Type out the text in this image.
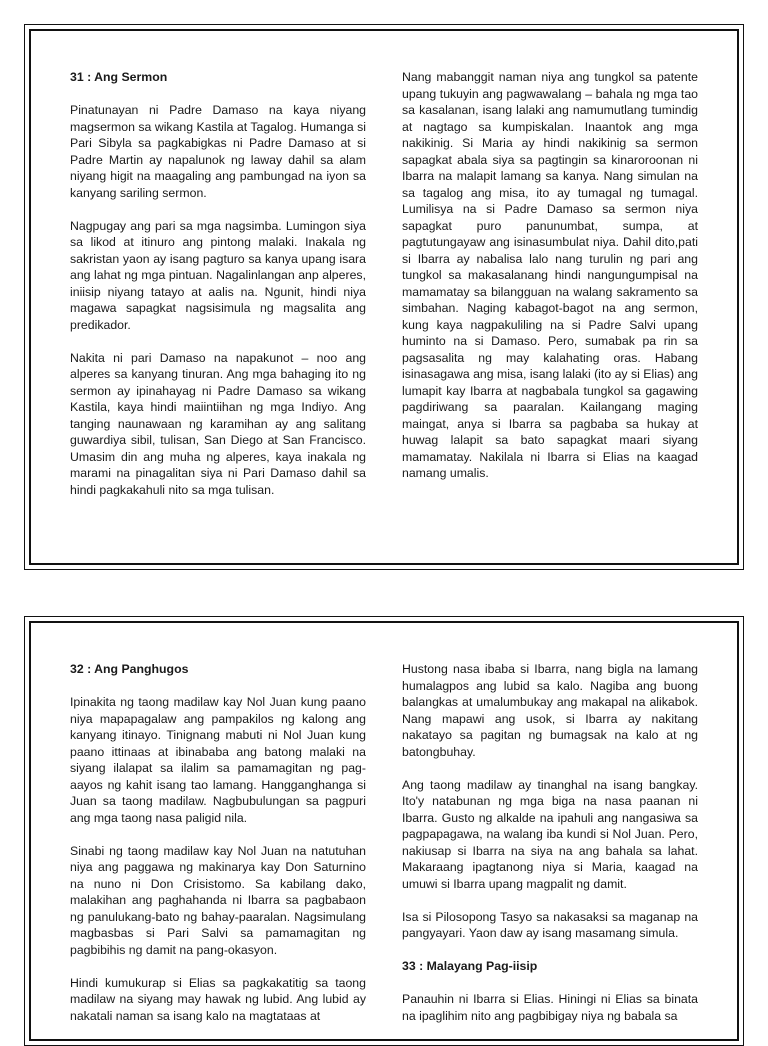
31 : Ang Sermon

Pinatunayan ni Padre Damaso na kaya niyang magsermon sa wikang Kastila at Tagalog. Humanga si Pari Sibyla sa pagkabigkas ni Padre Damaso at si Padre Martin ay napalunok ng laway dahil sa alam niyang higit na maagaling ang pambungad na iyon sa kanyang sariling sermon.

Nagpugay ang pari sa mga nagsimba. Lumingon siya sa likod at itinuro ang pintong malaki. Inakala ng sakristan yaon ay isang pagturo sa kanya upang isara ang lahat ng mga pintuan. Nagalinlangan anp alperes, iniisip niyang tatayo at aalis na. Ngunit, hindi niya magawa sapagkat nagsisimula ng magsalita ang predikador.

Nakita ni pari Damaso na napakunot – noo ang alperes sa kanyang tinuran. Ang mga bahaging ito ng sermon ay ipinahayag ni Padre Damaso sa wikang Kastila, kaya hindi maiintiihan ng mga Indiyo. Ang tanging naunawaan ng karamihan ay ang salitang guwardiya sibil, tulisan, San Diego at San Francisco. Umasim din ang muha ng alperes, kaya inakala ng marami na pinagalitan siya ni Pari Damaso dahil sa hindi pagkakahuli nito sa mga tulisan.

Nang mabanggit naman niya ang tungkol sa patente upang tukuyin ang pagwawalang – bahala ng mga tao sa kasalanan, isang lalaki ang namumutlang tumindig at nagtago sa kumpiskalan. Inaantok ang mga nakikinig. Si Maria ay hindi nakikinig sa sermon sapagkat abala siya sa pagtingin sa kinaroroonan ni Ibarra na malapit lamang sa kanya. Nang simulan na sa tagalog ang misa, ito ay tumagal ng tumagal. Lumilisya na si Padre Damaso sa sermon niya sapagkat puro panunumbat, sumpa, at pagtutungayaw ang isinasumbulat niya. Dahil dito,pati si Ibarra ay nabalisa lalo nang turulin ng pari ang tungkol sa makasalanang hindi nangungumpisal na mamamatay sa bilangguan na walang sakramento sa simbahan. Naging kabagot-bagot na ang sermon, kung kaya nagpakuliling na si Padre Salvi upang huminto na si Damaso. Pero, sumabak pa rin sa pagsasalita ng may kalahating oras. Habang isinasagawa ang misa, isang lalaki (ito ay si Elias) ang lumapit kay Ibarra at nagbabala tungkol sa gagawing pagdiriwang sa paaralan. Kailangang maging maingat, anya si Ibarra sa pagbaba sa hukay at huwag lalapit sa bato sapagkat maari siyang mamamatay. Nakilala ni Ibarra si Elias na kaagad namang umalis.

32 : Ang Panghugos

Ipinakita ng taong madilaw kay Nol Juan kung paano niya mapapagalaw ang pampakilos ng kalong ang kanyang itinayo. Tinignang mabuti ni Nol Juan kung paano ittinaas at ibinababa ang batong malaki na siyang ilalapat sa ilalim sa pamamagitan ng pag-aayos ng kahit isang tao lamang. Hangganghanga si Juan sa taong madilaw. Nagbubulungan sa pagpuri ang mga taong nasa paligid nila.

Sinabi ng taong madilaw kay Nol Juan na natutuhan niya ang paggawa ng makinarya kay Don Saturnino na nuno ni Don Crisistomo. Sa kabilang dako, malakihan ang paghahanda ni Ibarra sa pagbabaon ng panulukang-bato ng bahay-paaralan. Nagsimulang magbasbas si Pari Salvi sa pamamagitan ng pagbibihis ng damit na pang-okasyon.

Hindi kumukurap si Elias sa pagkakatitig sa taong madilaw na siyang may hawak ng lubid. Ang lubid ay nakatali naman sa isang kalo na magtataas at

Hustong nasa ibaba si Ibarra, nang bigla na lamang humalagpos ang lubid sa kalo. Nagiba ang buong balangkas at umalumbukay ang makapal na alikabok. Nang mapawi ang usok, si Ibarra ay nakitang nakatayo sa pagitan ng bumagsak na kalo at ng batongbuhay.

Ang taong madilaw ay tinanghal na isang bangkay. Ito'y natabunan ng mga biga na nasa paanan ni Ibarra. Gusto ng alkalde na ipahuli ang nangasiwa sa pagpapagawa, na walang iba kundi si Nol Juan. Pero, nakiusap si Ibarra na siya na ang bahala sa lahat. Makaraang ipagtanong niya si Maria, kaagad na umuwi si Ibarra upang magpalit ng damit.

Isa si Pilosopong Tasyo sa nakasaksi sa maganap na pangyayari. Yaon daw ay isang masamang simula.

33 : Malayang Pag-iisip

Panauhin ni Ibarra si Elias. Hiningi ni Elias sa binata na ipaglihim nito ang pagbibigay niya ng babala sa
